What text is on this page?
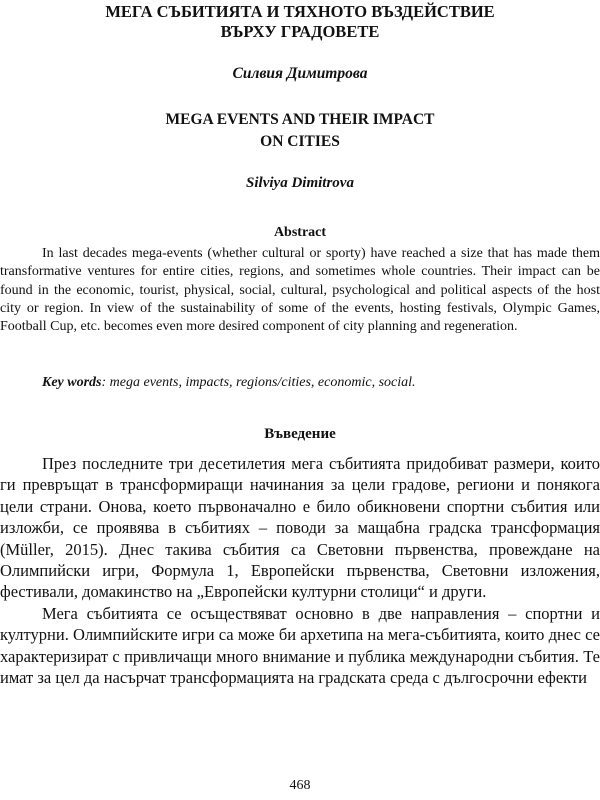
МЕГА СЪБИТИЯТА И ТЯХНОТО ВЪЗДЕЙСТВИЕ
ВЪРХУ ГРАДОВЕТЕ

Силвия Димитрова

MEGA EVENTS AND THEIR IMPACT
ON CITIES

Silviya Dimitrova

Abstract

In last decades mega-events (whether cultural or sporty) have reached a size that has made them transformative ventures for entire cities, regions, and sometimes whole countries. Their impact can be found in the economic, tourist, physical, social, cultural, psychological and political aspects of the host city or region. In view of the sustainability of some of the events, hosting festivals, Olympic Games, Football Cup, etc. becomes even more desired component of city planning and regeneration.

Key words: mega events, impacts, regions/cities, economic, social.

Въведение

През последните три десетилетия мега събитията придобиват размери, които ги превръщат в трансформиращи начинания за цели градове, региони и понякога цели страни. Онова, което първоначално е било обикновени спортни събития или изложби, се проявява в събитиях – поводи за мащабна градска трансформация (Müller, 2015). Днес такива събития са Световни първенства, провеждане на Олимпийски игри, Формула 1, Европейски първенства, Световни изложения, фестивали, домакинство на „Европейски културни столици“ и други.

Мега събитията се осъществяват основно в две направления – спортни и културни. Олимпийските игри са може би архетипа на мега-събитията, които днес се характеризират с привличащи много внимание и публика международни събития. Те имат за цел да насърчат трансформацията на градската среда с дългосрочни ефекти

468
